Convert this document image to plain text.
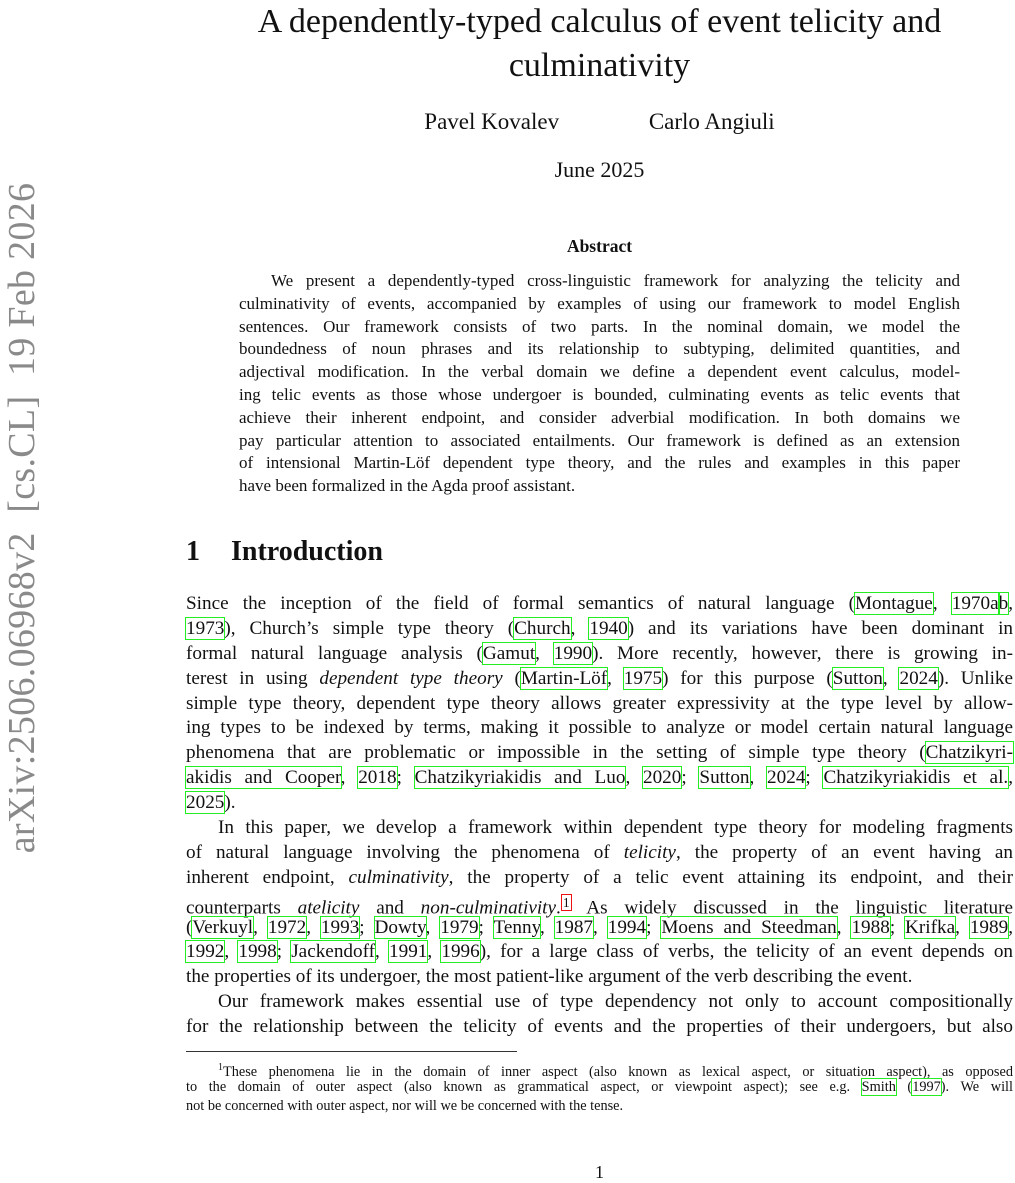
arXiv:2506.06968v2  [cs.CL]  19 Feb 2026
A dependently-typed calculus of event telicity and
culminativity
Pavel Kovalev	Carlo Angiuli
June 2025
Abstract
We present a dependently-typed cross-linguistic framework for analyzing the telicity and
culminativity of events, accompanied by examples of using our framework to model English
sentences. Our framework consists of two parts. In the nominal domain, we model the
boundedness of noun phrases and its relationship to subtyping, delimited quantities, and
adjectival modification. In the verbal domain we define a dependent event calculus, model-
ing telic events as those whose undergoer is bounded, culminating events as telic events that
achieve their inherent endpoint, and consider adverbial modification. In both domains we
pay particular attention to associated entailments. Our framework is defined as an extension
of intensional Martin-Löf dependent type theory, and the rules and examples in this paper
have been formalized in the Agda proof assistant.
1 Introduction
Since the inception of the field of formal semantics of natural language (Montague, 1970ab,
1973), Church’s simple type theory (Church, 1940) and its variations have been dominant in
formal natural language analysis (Gamut, 1990). More recently, however, there is growing in-
terest in using dependent type theory (Martin-Löf, 1975) for this purpose (Sutton, 2024). Unlike
simple type theory, dependent type theory allows greater expressivity at the type level by allow-
ing types to be indexed by terms, making it possible to analyze or model certain natural language
phenomena that are problematic or impossible in the setting of simple type theory (Chatzikyri-
akidis and Cooper, 2018; Chatzikyriakidis and Luo, 2020; Sutton, 2024; Chatzikyriakidis et al.,
2025).
In this paper, we develop a framework within dependent type theory for modeling fragments
of natural language involving the phenomena of telicity, the property of an event having an
inherent endpoint, culminativity, the property of a telic event attaining its endpoint, and their
counterparts atelicity and non-culminativity. $^1$ As widely discussed in the linguistic literature
(Verkuyl, 1972, 1993; Dowty, 1979; Tenny, 1987, 1994; Moens and Steedman, 1988; Krifka, 1989,
1992, 1998; Jackendoff, 1991, 1996), for a large class of verbs, the telicity of an event depends on
the properties of its undergoer, the most patient-like argument of the verb describing the event.
Our framework makes essential use of type dependency not only to account compositionally
for the relationship between the telicity of events and the properties of their undergoers, but also
$^1$These phenomena lie in the domain of inner aspect (also known as lexical aspect, or situation aspect), as opposed
to the domain of outer aspect (also known as grammatical aspect, or viewpoint aspect); see e.g. Smith (1997). We will
not be concerned with outer aspect, nor will we be concerned with the tense.
1
